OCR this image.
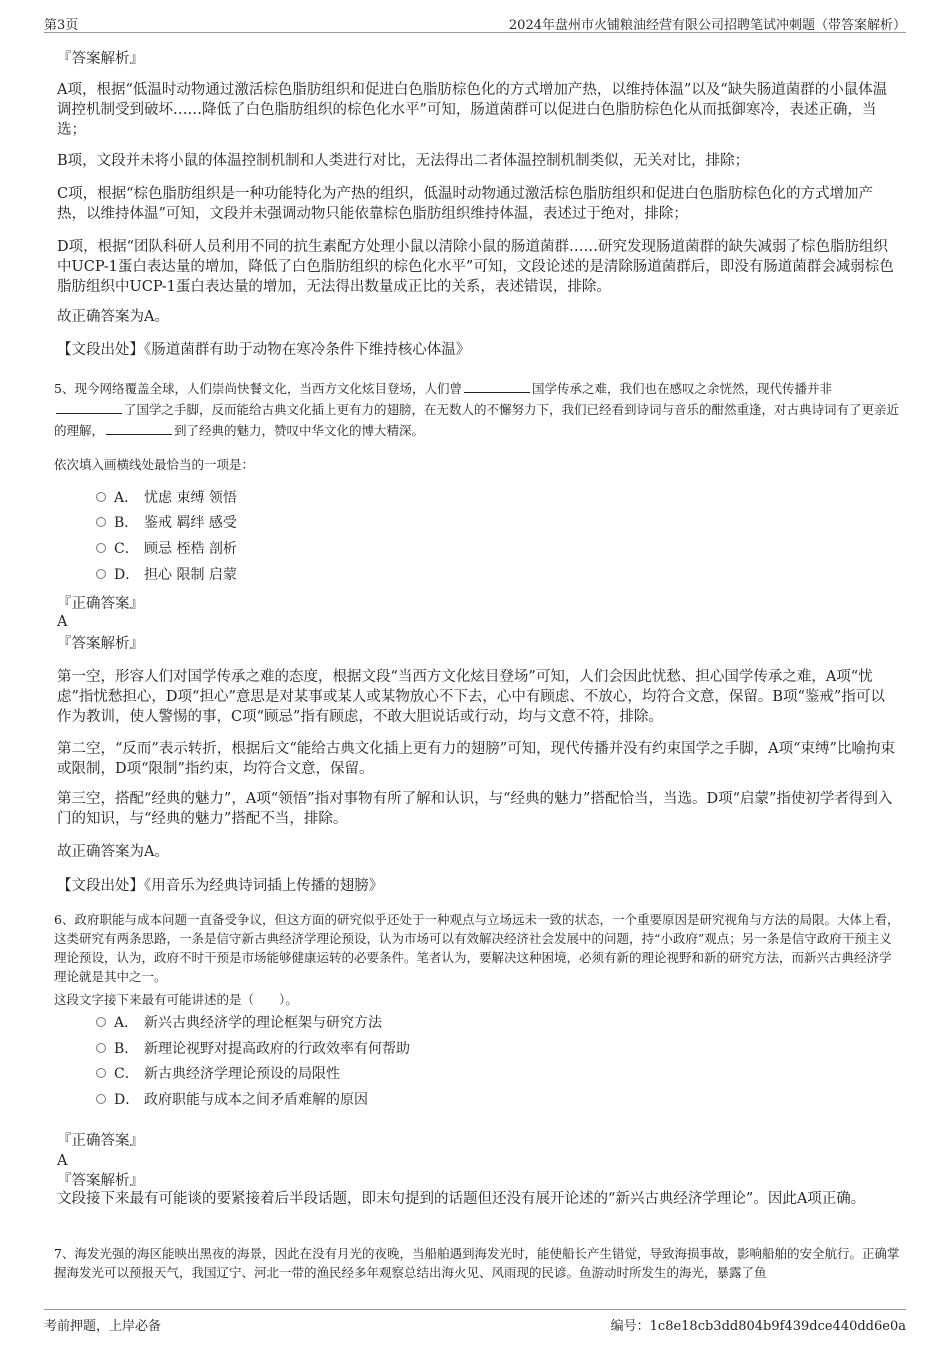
第3页	2024年盘州市火铺粮油经营有限公司招聘笔试冲刺题（带答案解析）

『答案解析』

A项，根据“低温时动物通过激活棕色脂肪组织和促进白色脂肪棕色化的方式增加产热，以维持体温”以及“缺失肠道菌群的小鼠体温调控机制受到破坏……降低了白色脂肪组织的棕色化水平”可知，肠道菌群可以促进白色脂肪棕色化从而抵御寒冷，表述正确，当选；

B项，文段并未将小鼠的体温控制机制和人类进行对比，无法得出二者体温控制机制类似，无关对比，排除；

C项，根据“棕色脂肪组织是一种功能特化为产热的组织，低温时动物通过激活棕色脂肪组织和促进白色脂肪棕色化的方式增加产热，以维持体温”可知，文段并未强调动物只能依靠棕色脂肪组织维持体温，表述过于绝对，排除；

D项，根据“团队科研人员利用不同的抗生素配方处理小鼠以清除小鼠的肠道菌群……研究发现肠道菌群的缺失减弱了棕色脂肪组织中UCP-1蛋白表达量的增加，降低了白色脂肪组织的棕色化水平”可知，文段论述的是清除肠道菌群后，即没有肠道菌群会减弱棕色脂肪组织中UCP-1蛋白表达量的增加，无法得出数量成正比的关系，表述错误，排除。

故正确答案为A。

【文段出处】《肠道菌群有助于动物在寒冷条件下维持核心体温》

5、现今网络覆盖全球，人们崇尚快餐文化，当西方文化炫目登场，人们曾	国学传承之难，我们也在感叹之余恍然，现代传播并非了国学之手脚，反而能给古典文化插上更有力的翅膀，在无数人的不懈努力下，我们已经看到诗词与音乐的酣然重逢，对古典诗词有了更亲近的理解，	到了经典的魅力，赞叹中华文化的博大精深。

依次填入画横线处最恰当的一项是：

A． 忧虑 束缚 领悟
B． 鉴戒 羁绊 感受
C． 顾忌 桎梏 剖析
D． 担心 限制 启蒙

『正确答案』

A

『答案解析』

第一空，形容人们对国学传承之难的态度，根据文段“当西方文化炫目登场”可知，人们会因此忧愁、担心国学传承之难，A项“忧虑”指忧愁担心，D项“担心”意思是对某事或某人或某物放心不下去，心中有顾虑、不放心，均符合文意，保留。B项“鉴戒”指可以作为教训，使人警惕的事，C项“顾忌”指有顾虑，不敢大胆说话或行动，均与文意不符，排除。

第二空，“反而”表示转折，根据后文“能给古典文化插上更有力的翅膀”可知，现代传播并没有约束国学之手脚，A项“束缚”比喻拘束或限制，D项“限制”指约束，均符合文意，保留。

第三空，搭配“经典的魅力”，A项“领悟”指对事物有所了解和认识，与“经典的魅力”搭配恰当，当选。D项“启蒙”指使初学者得到入门的知识，与“经典的魅力”搭配不当，排除。

故正确答案为A。

【文段出处】《用音乐为经典诗词插上传播的翅膀》

6、政府职能与成本问题一直备受争议，但这方面的研究似乎还处于一种观点与立场远未一致的状态，一个重要原因是研究视角与方法的局限。大体上看，这类研究有两条思路，一条是信守新古典经济学理论预设，认为市场可以有效解决经济社会发展中的问题，持“小政府”观点；另一条是信守政府干预主义理论预设，认为，政府不时干预是市场能够健康运转的必要条件。笔者认为，要解决这种困境，必须有新的理论视野和新的研究方法，而新兴古典经济学理论就是其中之一。

这段文字接下来最有可能讲述的是（　　）。

A． 新兴古典经济学的理论框架与研究方法
B． 新理论视野对提高政府的行政效率有何帮助
C． 新古典经济学理论预设的局限性
D． 政府职能与成本之间矛盾难解的原因

『正确答案』

A

『答案解析』

文段接下来最有可能谈的要紧接着后半段话题，即末句提到的话题但还没有展开论述的“新兴古典经济学理论”。因此A项正确。

7、海发光强的海区能映出黑夜的海景，因此在没有月光的夜晚，当船舶遇到海发光时，能使船长产生错觉，导致海损事故，影响船舶的安全航行。正确掌握海发光可以预报天气，我国辽宁、河北一带的渔民经多年观察总结出海火见、风雨现的民谚。鱼游动时所发生的海光，暴露了鱼

考前押题，上岸必备	编号：1c8e18cb3dd804b9f439dce440dd6e0a
